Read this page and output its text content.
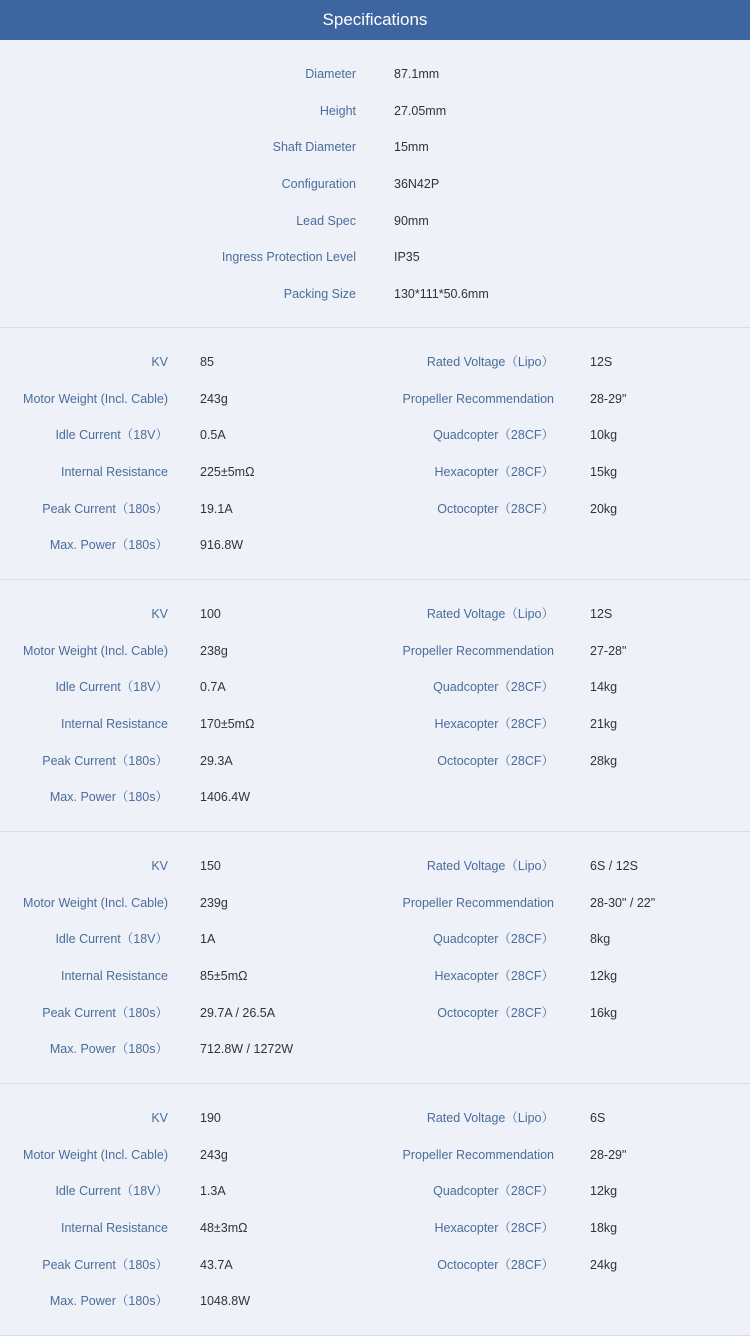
Specifications
Diameter	87.1mm
Height	27.05mm
Shaft Diameter	15mm
Configuration	36N42P
Lead Spec	90mm
Ingress Protection Level	IP35
Packing Size	130*111*50.6mm
KV	85	Rated Voltage（Lipo）	12S
Motor Weight (Incl. Cable)	243g	Propeller Recommendation	28-29"
Idle Current（18V）	0.5A	Quadcopter（28CF）	10kg
Internal Resistance	225±5mΩ	Hexacopter（28CF）	15kg
Peak Current（180s）	19.1A	Octocopter（28CF）	20kg
Max. Power（180s）	916.8W
KV	100	Rated Voltage（Lipo）	12S
Motor Weight (Incl. Cable)	238g	Propeller Recommendation	27-28"
Idle Current（18V）	0.7A	Quadcopter（28CF）	14kg
Internal Resistance	170±5mΩ	Hexacopter（28CF）	21kg
Peak Current（180s）	29.3A	Octocopter（28CF）	28kg
Max. Power（180s）	1406.4W
KV	150	Rated Voltage（Lipo）	6S / 12S
Motor Weight (Incl. Cable)	239g	Propeller Recommendation	28-30" / 22"
Idle Current（18V）	1A	Quadcopter（28CF）	8kg
Internal Resistance	85±5mΩ	Hexacopter（28CF）	12kg
Peak Current（180s）	29.7A / 26.5A	Octocopter（28CF）	16kg
Max. Power（180s）	712.8W / 1272W
KV	190	Rated Voltage（Lipo）	6S
Motor Weight (Incl. Cable)	243g	Propeller Recommendation	28-29"
Idle Current（18V）	1.3A	Quadcopter（28CF）	12kg
Internal Resistance	48±3mΩ	Hexacopter（28CF）	18kg
Peak Current（180s）	43.7A	Octocopter（28CF）	24kg
Max. Power（180s）	1048.8W
